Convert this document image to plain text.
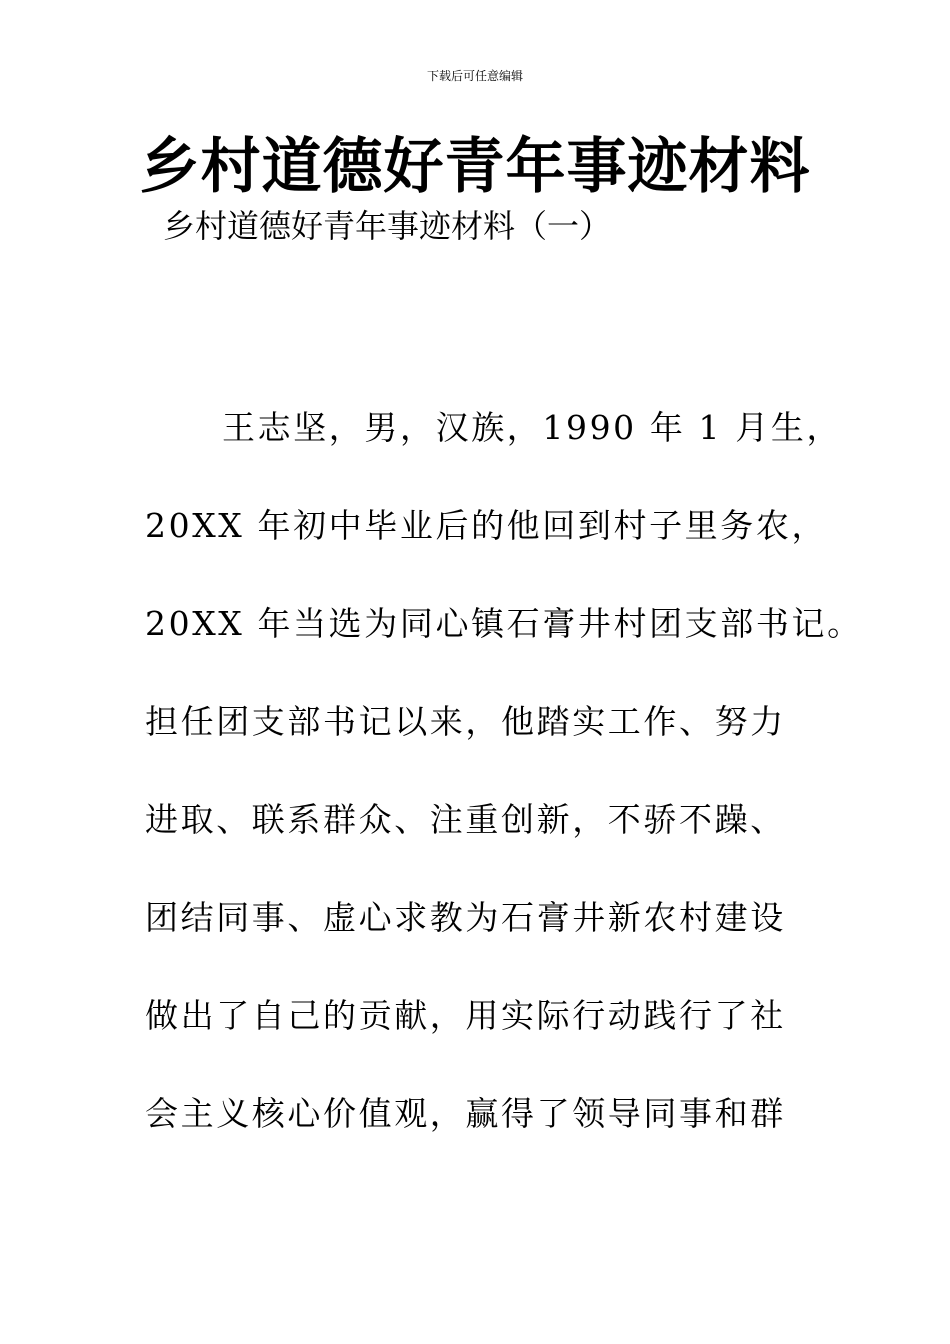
下载后可任意编辑
乡村道德好青年事迹材料
乡村道德好青年事迹材料（一）
王志坚，男，汉族，1990 年 1 月生，
20XX 年初中毕业后的他回到村子里务农，
20XX 年当选为同心镇石膏井村团支部书记。
担任团支部书记以来，他踏实工作、努力
进取、联系群众、注重创新，不骄不躁、
团结同事、虚心求教为石膏井新农村建设
做出了自己的贡献，用实际行动践行了社
会主义核心价值观，赢得了领导同事和群
